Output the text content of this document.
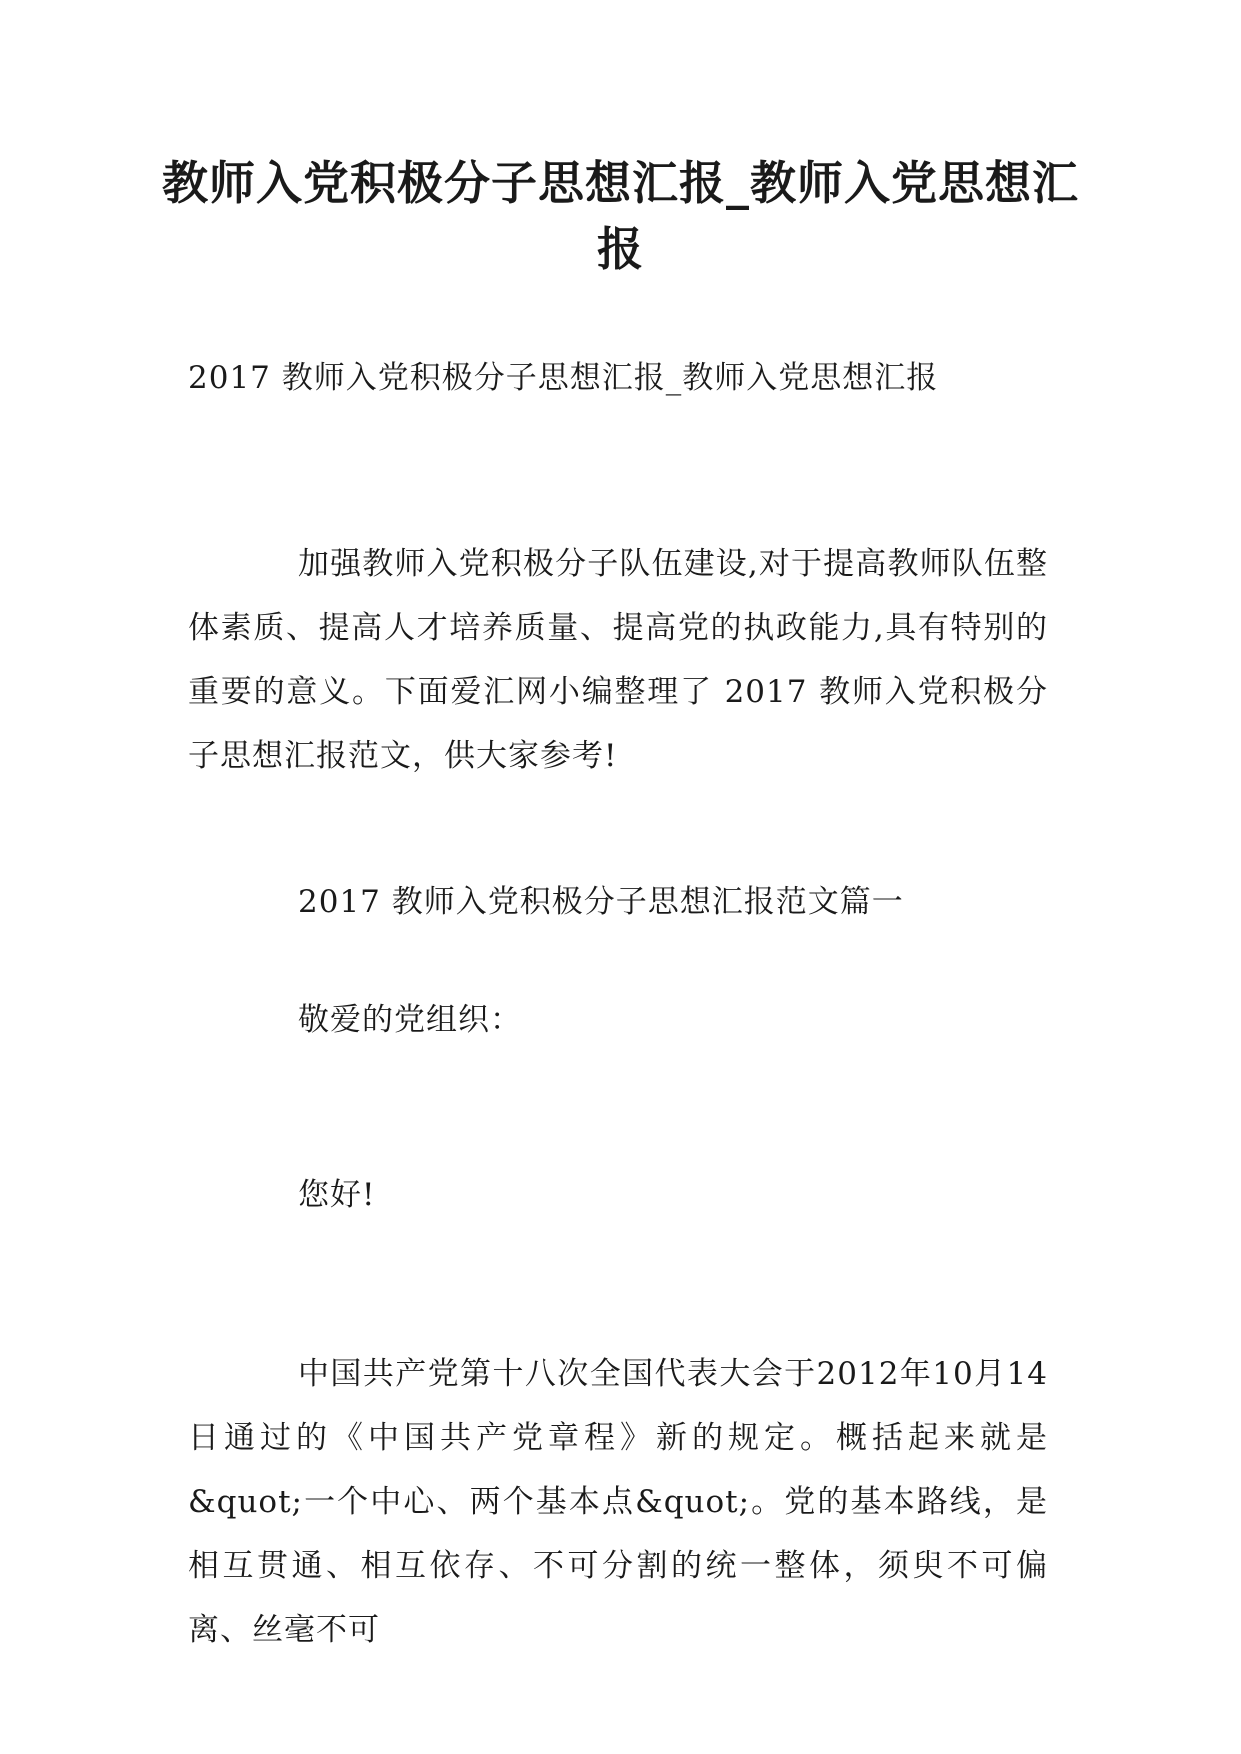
教师入党积极分子思想汇报_教师入党思想汇报

2017 教师入党积极分子思想汇报_教师入党思想汇报

加强教师入党积极分子队伍建设,对于提高教师队伍整体素质、提高人才培养质量、提高党的执政能力,具有特别的重要的意义。下面爱汇网小编整理了 2017 教师入党积极分子思想汇报范文，供大家参考!

2017 教师入党积极分子思想汇报范文篇一

敬爱的党组织：

您好!

中国共产党第十八次全国代表大会于2012年10月14日通过的《中国共产党章程》新的规定。概括起来就是&quot;一个中心、两个基本点&quot;。党的基本路线，是相互贯通、相互依存、不可分割的统一整体，须臾不可偏离、丝毫不可
